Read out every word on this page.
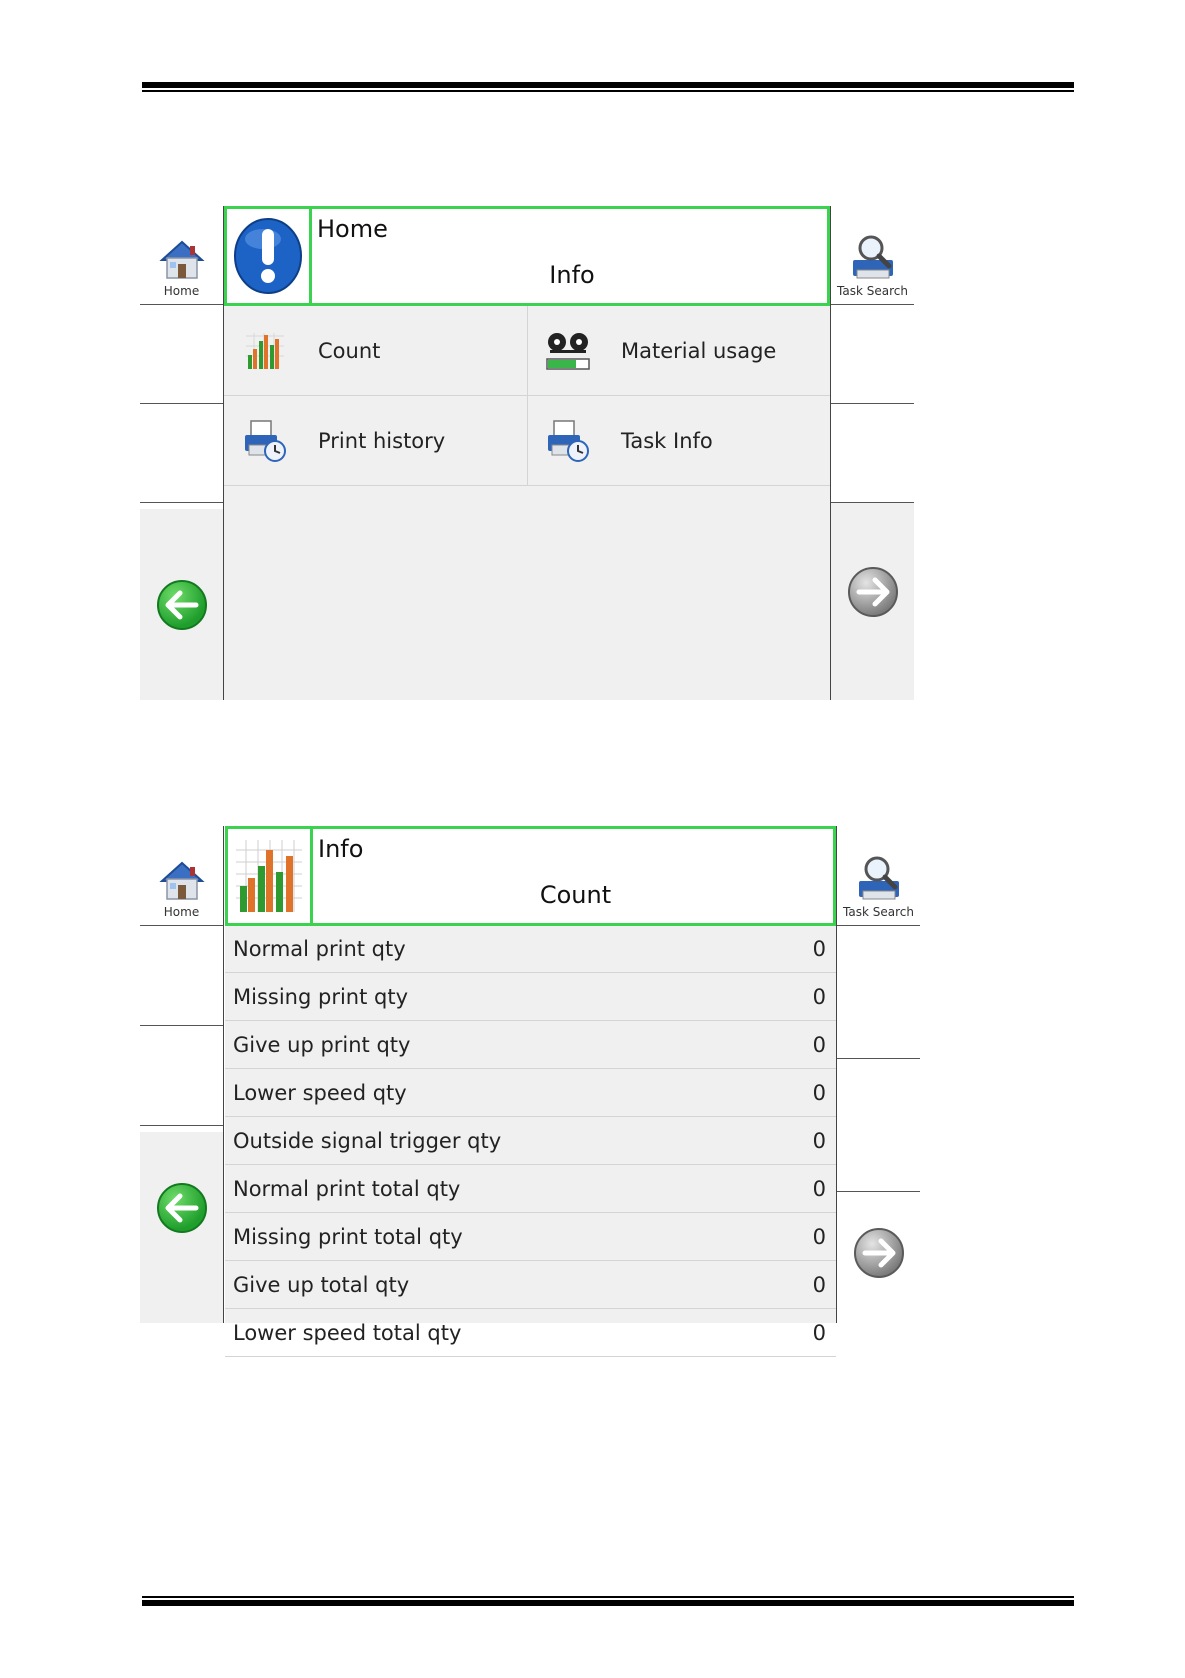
Home
Home
Info
Count	Material usage
Print history	Task Info
Task Search
Home
Info
Count
Normal print qty	0
Missing print qty	0
Give up print qty	0
Lower speed qty	0
Outside signal trigger qty	0
Normal print total qty	0
Missing print total qty	0
Give up total qty	0
Lower speed total qty	0
Task Search
